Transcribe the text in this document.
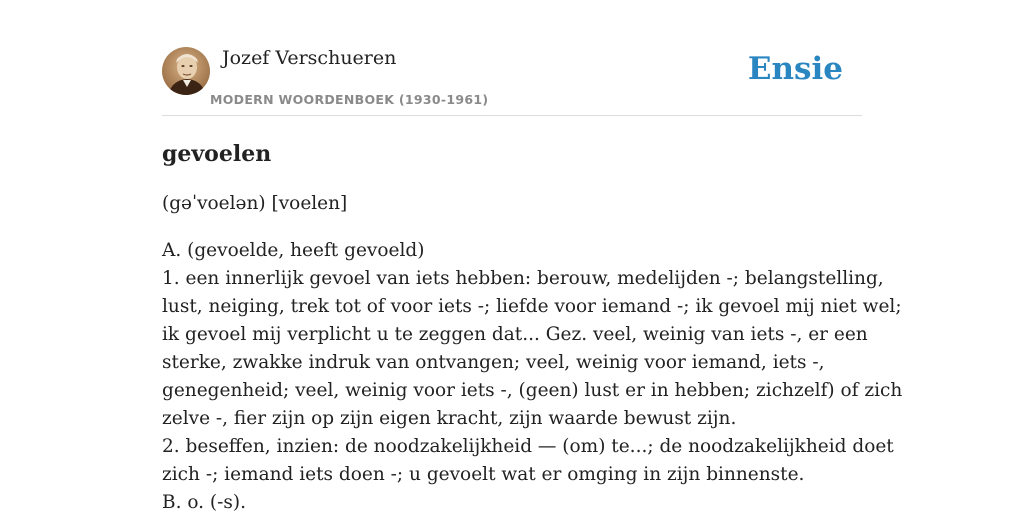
Jozef Verschueren
MODERN WOORDENBOEK (1930-1961)
Ensie
gevoelen
(gəˈvoelən) [voelen]
A. (gevoelde, heeft gevoeld)
1. een innerlijk gevoel van iets hebben: berouw, medelijden -; belangstelling,
lust, neiging, trek tot of voor iets -; liefde voor iemand -; ik gevoel mij niet wel;
ik gevoel mij verplicht u te zeggen dat... Gez. veel, weinig van iets -, er een
sterke, zwakke indruk van ontvangen; veel, weinig voor iemand, iets -,
genegenheid; veel, weinig voor iets -, (geen) lust er in hebben; zichzelf) of zich
zelve -, fier zijn op zijn eigen kracht, zijn waarde bewust zijn.
2. beseffen, inzien: de noodzakelijkheid — (om) te...; de noodzakelijkheid doet
zich -; iemand iets doen -; u gevoelt wat er omging in zijn binnenste.
B. o. (-s).
